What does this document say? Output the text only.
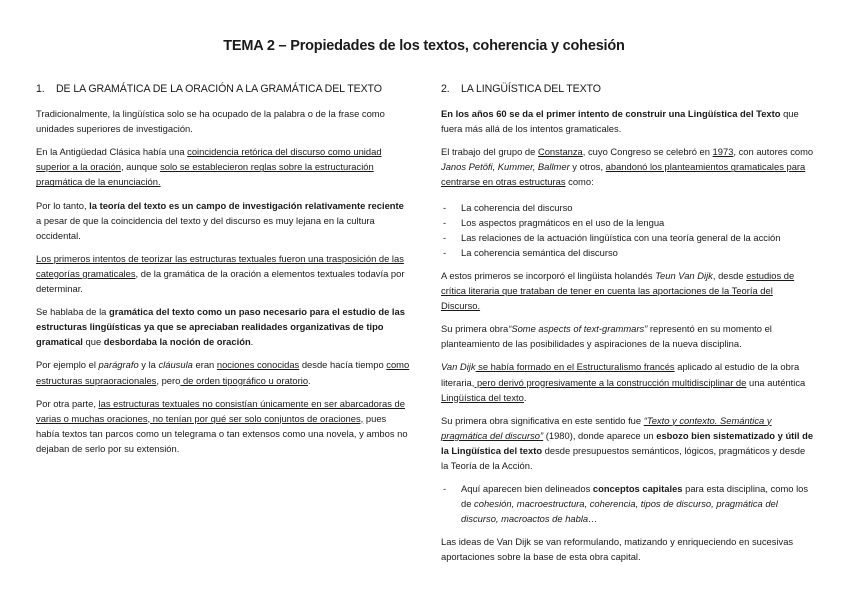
TEMA 2 – Propiedades de los textos, coherencia y cohesión
1. DE LA GRAMÁTICA DE LA ORACIÓN A LA GRAMÁTICA DEL TEXTO

Tradicionalmente, la lingüística solo se ha ocupado de la palabra o de la frase como unidades superiores de investigación.

En la Antigüedad Clásica había una coincidencia retórica del discurso como unidad superior a la oración, aunque solo se establecieron reglas sobre la estructuración pragmática de la enunciación.

Por lo tanto, la teoría del texto es un campo de investigación relativamente reciente a pesar de que la coincidencia del texto y del discurso es muy lejana en la cultura occidental.

Los primeros intentos de teorizar las estructuras textuales fueron una trasposición de las categorías gramaticales, de la gramática de la oración a elementos textuales todavía por determinar.

Se hablaba de la gramática del texto como un paso necesario para el estudio de las estructuras lingüísticas ya que se apreciaban realidades organizativas de tipo gramatical que desbordaba la noción de oración.

Por ejemplo el parágrafo y la cláusula eran nociones conocidas desde hacía tiempo como estructuras supraoracionales, pero de orden tipográfico u oratorio.

Por otra parte, las estructuras textuales no consistían únicamente en ser abarcadoras de varias o muchas oraciones, no tenían por qué ser solo conjuntos de oraciones, pues había textos tan parcos como un telegrama o tan extensos como una novela, y ambos no dejaban de serlo por su extensión.

2. LA LINGÜÍSTICA DEL TEXTO

En los años 60 se da el primer intento de construir una Lingüística del Texto que fuera más allá de los intentos gramaticales.

El trabajo del grupo de Constanza, cuyo Congreso se celebró en 1973, con autores como Janos Petöfi, Kummer, Ballmer y otros, abandonó los planteamientos gramaticales para centrarse en otras estructuras como:

- La coherencia del discurso
- Los aspectos pragmáticos en el uso de la lengua
- Las relaciones de la actuación lingüística con una teoría general de la acción
- La coherencia semántica del discurso

A estos primeros se incorporó el lingüista holandés Teun Van Dijk, desde estudios de crítica literaria que trataban de tener en cuenta las aportaciones de la Teoría del Discurso.

Su primera obra“Some aspects of text-grammars” representó en su momento el planteamiento de las posibilidades y aspiraciones de la nueva disciplina.

Van Dijk se había formado en el Estructuralismo francés aplicado al estudio de la obra literaria, pero derivó progresivamente a la construcción multidisciplinar de una auténtica Lingüística del texto.

Su primera obra significativa en este sentido fue “Texto y contexto. Semántica y pragmática del discurso” (1980), donde aparece un esbozo bien sistematizado y útil de la Lingüística del texto desde presupuestos semánticos, lógicos, pragmáticos y desde la Teoría de la Acción.

- Aquí aparecen bien delineados conceptos capitales para esta disciplina, como los de cohesión, macroestructura, coherencia, tipos de discurso, pragmática del discurso, macroactos de habla…

Las ideas de Van Dijk se van reformulando, matizando y enriqueciendo en sucesivas aportaciones sobre la base de esta obra capital.
